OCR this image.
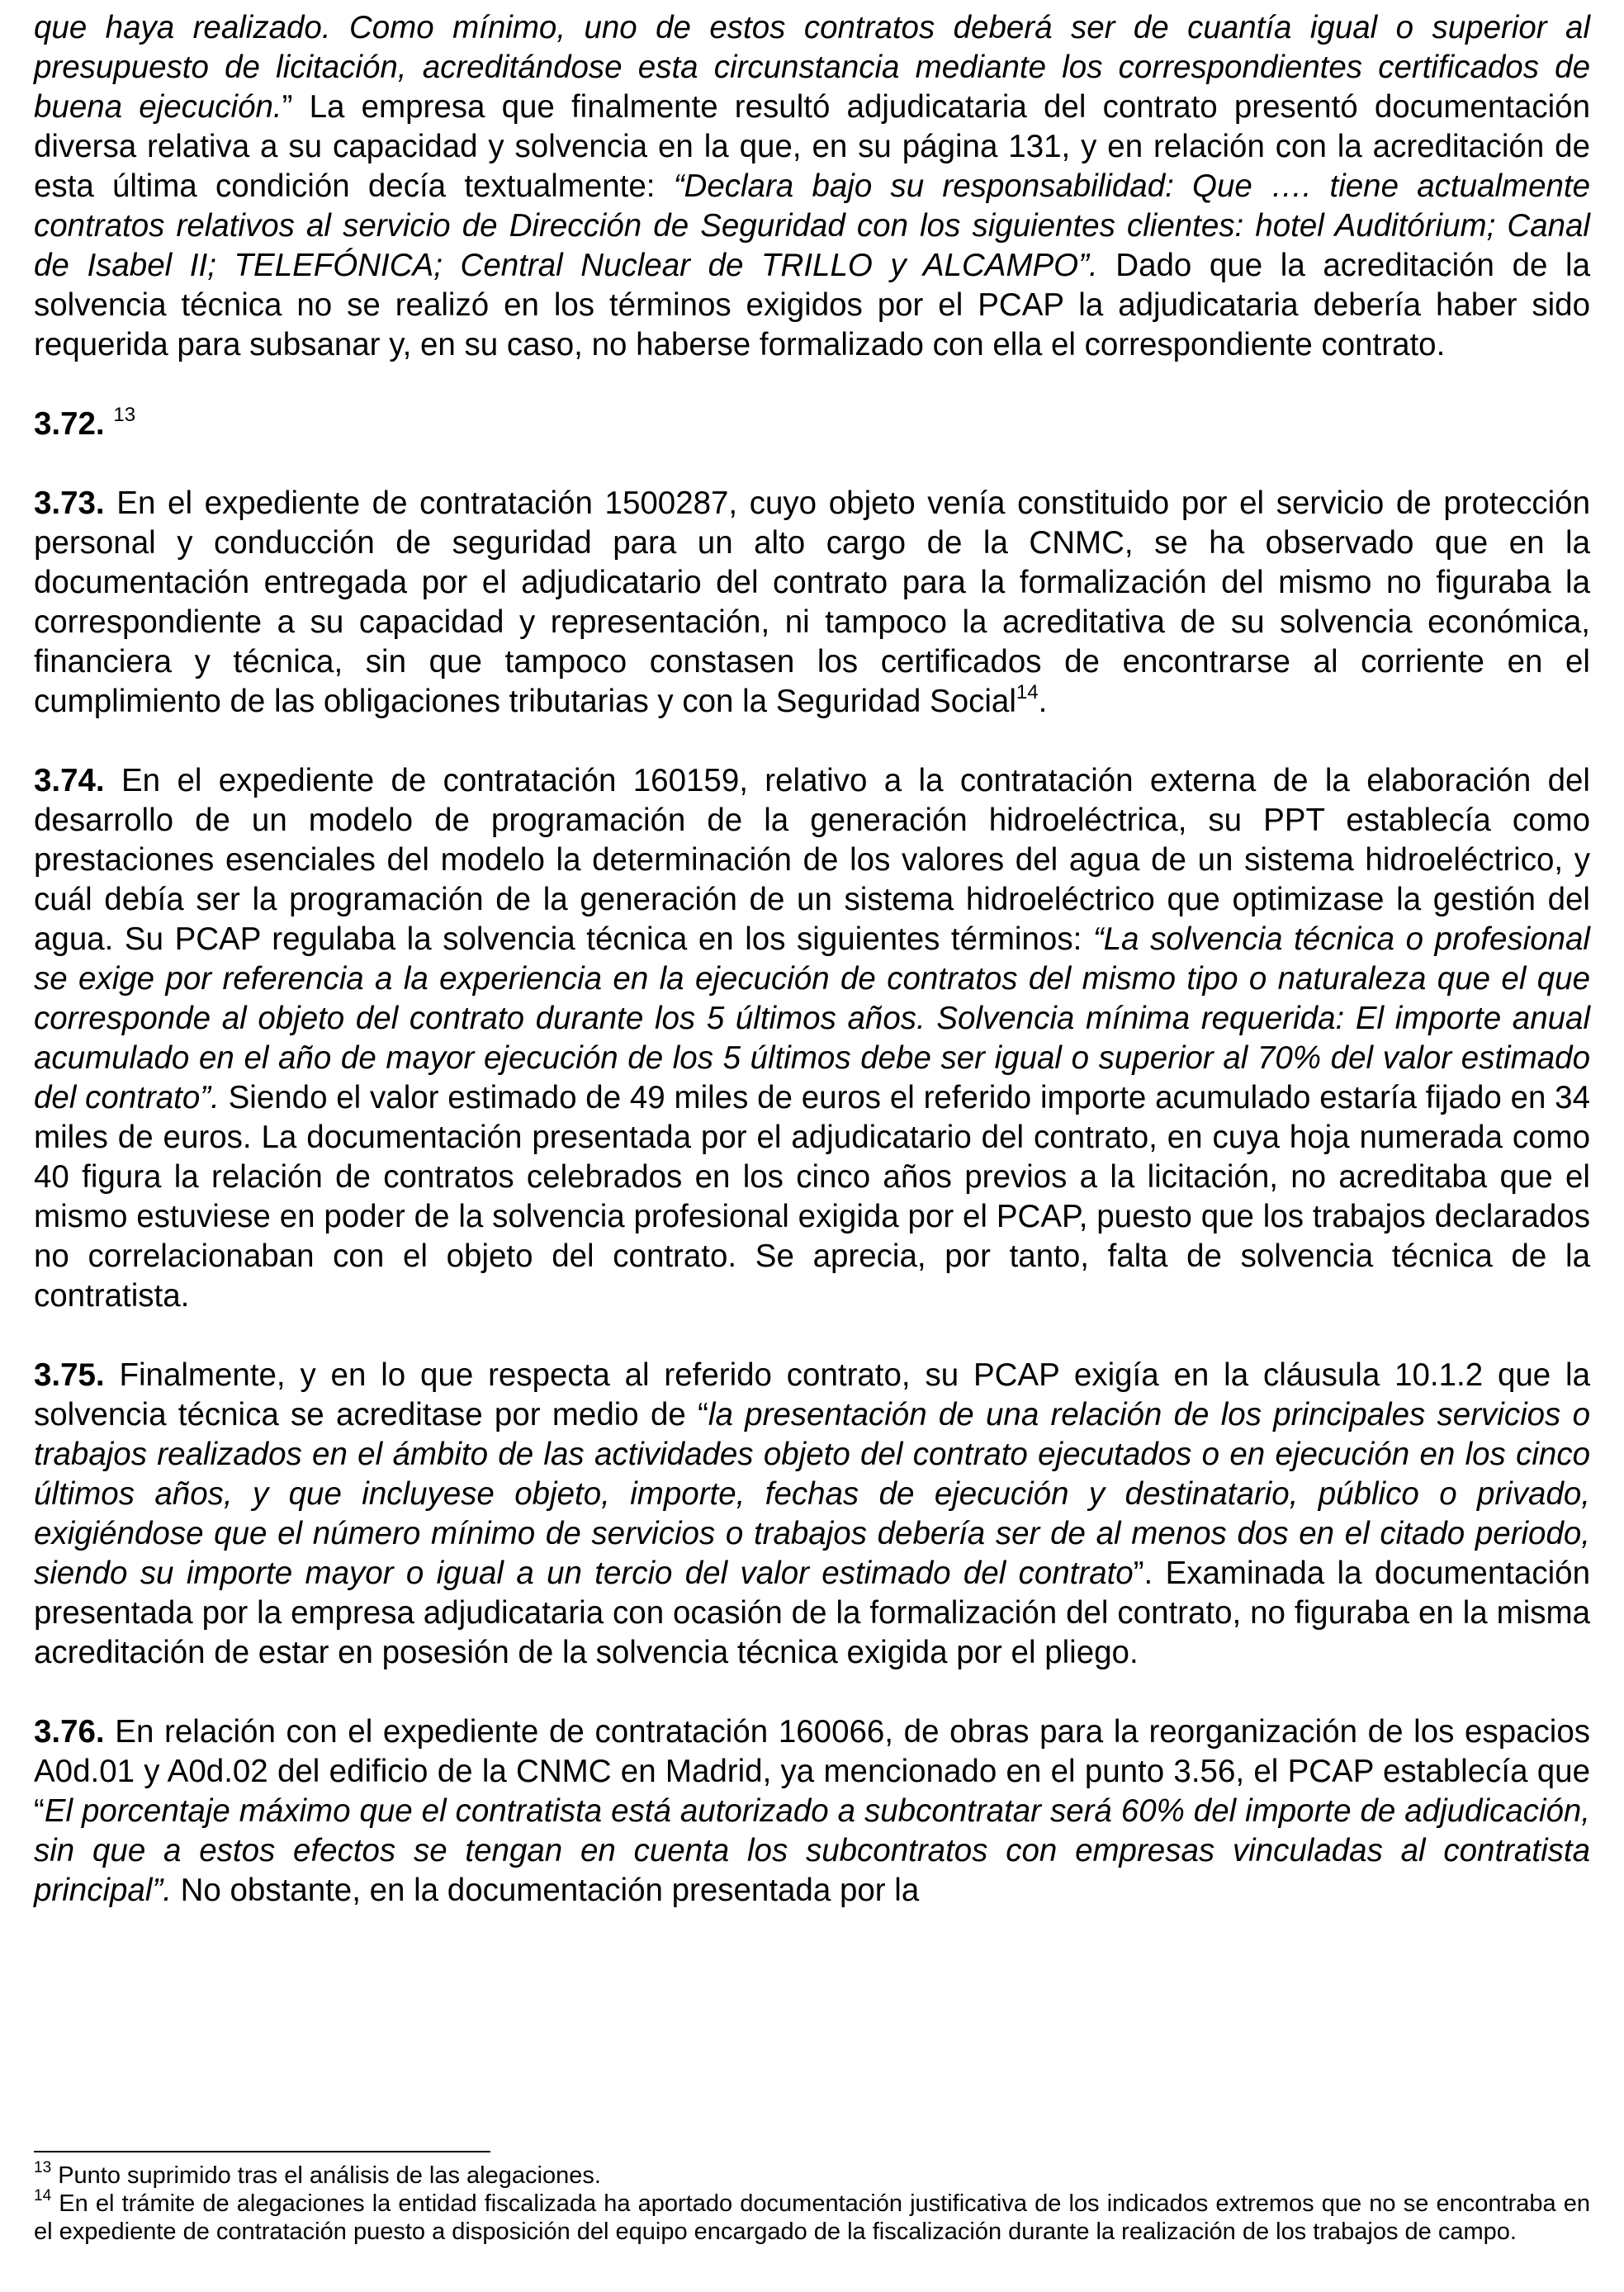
que haya realizado. Como mínimo, uno de estos contratos deberá ser de cuantía igual o superior al presupuesto de licitación, acreditándose esta circunstancia mediante los correspondientes certificados de buena ejecución.” La empresa que finalmente resultó adjudicataria del contrato presentó documentación diversa relativa a su capacidad y solvencia en la que, en su página 131, y en relación con la acreditación de esta última condición decía textualmente: “Declara bajo su responsabilidad: Que …. tiene actualmente contratos relativos al servicio de Dirección de Seguridad con los siguientes clientes: hotel Auditórium; Canal de Isabel II; TELEFÓNICA; Central Nuclear de TRILLO y ALCAMPO”. Dado que la acreditación de la solvencia técnica no se realizó en los términos exigidos por el PCAP la adjudicataria debería haber sido requerida para subsanar y, en su caso, no haberse formalizado con ella el correspondiente contrato.

3.72. $^{13}$

3.73. En el expediente de contratación 1500287, cuyo objeto venía constituido por el servicio de protección personal y conducción de seguridad para un alto cargo de la CNMC, se ha observado que en la documentación entregada por el adjudicatario del contrato para la formalización del mismo no figuraba la correspondiente a su capacidad y representación, ni tampoco la acreditativa de su solvencia económica, financiera y técnica, sin que tampoco constasen los certificados de encontrarse al corriente en el cumplimiento de las obligaciones tributarias y con la Seguridad Social$^{14}$.

3.74. En el expediente de contratación 160159, relativo a la contratación externa de la elaboración del desarrollo de un modelo de programación de la generación hidroeléctrica, su PPT establecía como prestaciones esenciales del modelo la determinación de los valores del agua de un sistema hidroeléctrico, y cuál debía ser la programación de la generación de un sistema hidroeléctrico que optimizase la gestión del agua. Su PCAP regulaba la solvencia técnica en los siguientes términos: “La solvencia técnica o profesional se exige por referencia a la experiencia en la ejecución de contratos del mismo tipo o naturaleza que el que corresponde al objeto del contrato durante los 5 últimos años. Solvencia mínima requerida: El importe anual acumulado en el año de mayor ejecución de los 5 últimos debe ser igual o superior al 70% del valor estimado del contrato”. Siendo el valor estimado de 49 miles de euros el referido importe acumulado estaría fijado en 34 miles de euros. La documentación presentada por el adjudicatario del contrato, en cuya hoja numerada como 40 figura la relación de contratos celebrados en los cinco años previos a la licitación, no acreditaba que el mismo estuviese en poder de la solvencia profesional exigida por el PCAP, puesto que los trabajos declarados no correlacionaban con el objeto del contrato. Se aprecia, por tanto, falta de solvencia técnica de la contratista.

3.75. Finalmente, y en lo que respecta al referido contrato, su PCAP exigía en la cláusula 10.1.2 que la solvencia técnica se acreditase por medio de “la presentación de una relación de los principales servicios o trabajos realizados en el ámbito de las actividades objeto del contrato ejecutados o en ejecución en los cinco últimos años, y que incluyese objeto, importe, fechas de ejecución y destinatario, público o privado, exigiéndose que el número mínimo de servicios o trabajos debería ser de al menos dos en el citado periodo, siendo su importe mayor o igual a un tercio del valor estimado del contrato”. Examinada la documentación presentada por la empresa adjudicataria con ocasión de la formalización del contrato, no figuraba en la misma acreditación de estar en posesión de la solvencia técnica exigida por el pliego.

3.76. En relación con el expediente de contratación 160066, de obras para la reorganización de los espacios A0d.01 y A0d.02 del edificio de la CNMC en Madrid, ya mencionado en el punto 3.56, el PCAP establecía que “El porcentaje máximo que el contratista está autorizado a subcontratar será 60% del importe de adjudicación, sin que a estos efectos se tengan en cuenta los subcontratos con empresas vinculadas al contratista principal”. No obstante, en la documentación presentada por la

$^{13}$ Punto suprimido tras el análisis de las alegaciones.

$^{14}$ En el trámite de alegaciones la entidad fiscalizada ha aportado documentación justificativa de los indicados extremos que no se encontraba en el expediente de contratación puesto a disposición del equipo encargado de la fiscalización durante la realización de los trabajos de campo.
